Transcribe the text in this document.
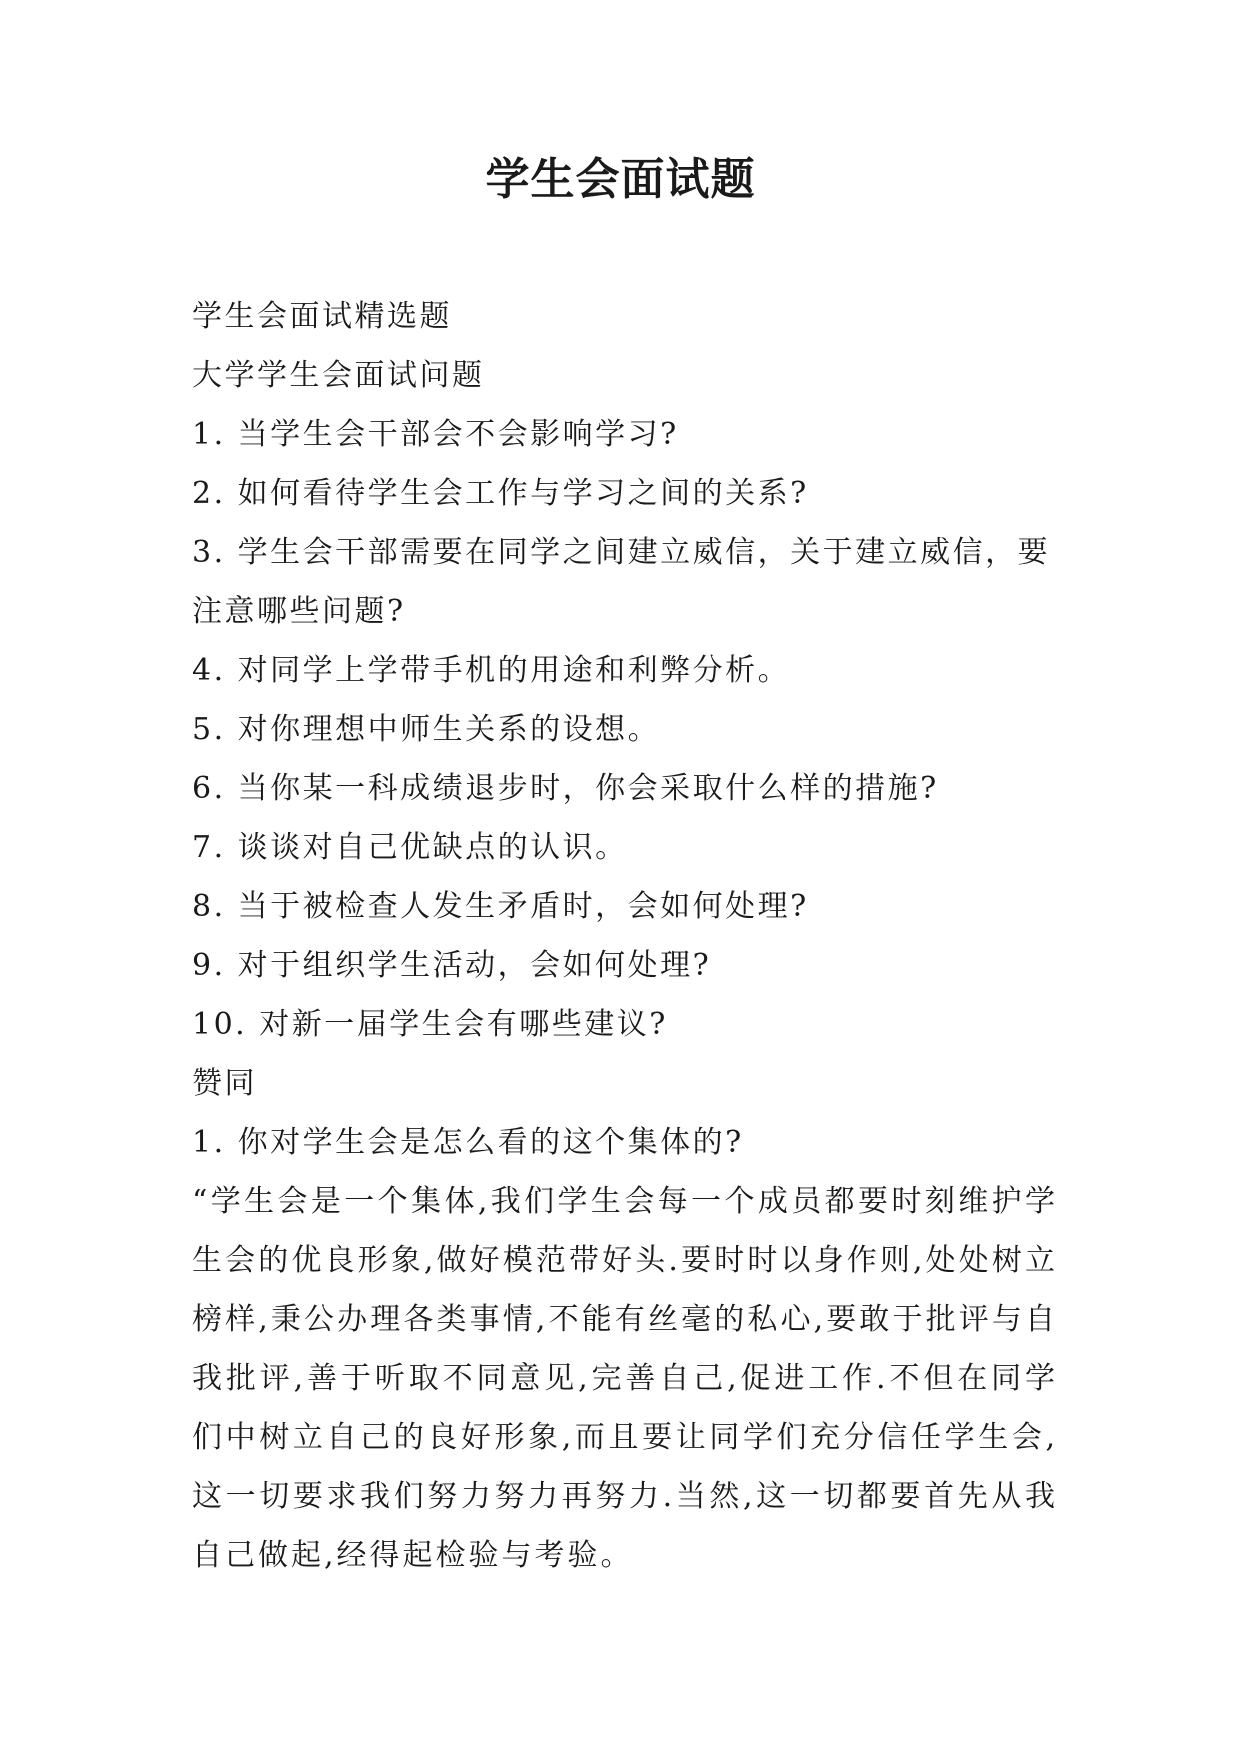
学生会面试题
学生会面试精选题
大学学生会面试问题
1. 当学生会干部会不会影响学习?
2. 如何看待学生会工作与学习之间的关系?
3. 学生会干部需要在同学之间建立威信，关于建立威信，要
注意哪些问题?
4. 对同学上学带手机的用途和利弊分析。
5. 对你理想中师生关系的设想。
6. 当你某一科成绩退步时，你会采取什么样的措施?
7. 谈谈对自己优缺点的认识。
8. 当于被检查人发生矛盾时，会如何处理?
9. 对于组织学生活动，会如何处理?
10. 对新一届学生会有哪些建议?
赞同
1. 你对学生会是怎么看的这个集体的?
“学生会是一个集体,我们学生会每一个成员都要时刻维护学生会的优良形象,做好模范带好头.要时时以身作则,处处树立榜样,秉公办理各类事情,不能有丝毫的私心,要敢于批评与自我批评,善于听取不同意见,完善自己,促进工作.不但在同学们中树立自己的良好形象,而且要让同学们充分信任学生会,这一切要求我们努力努力再努力.当然,这一切都要首先从我自己做起,经得起检验与考验。
